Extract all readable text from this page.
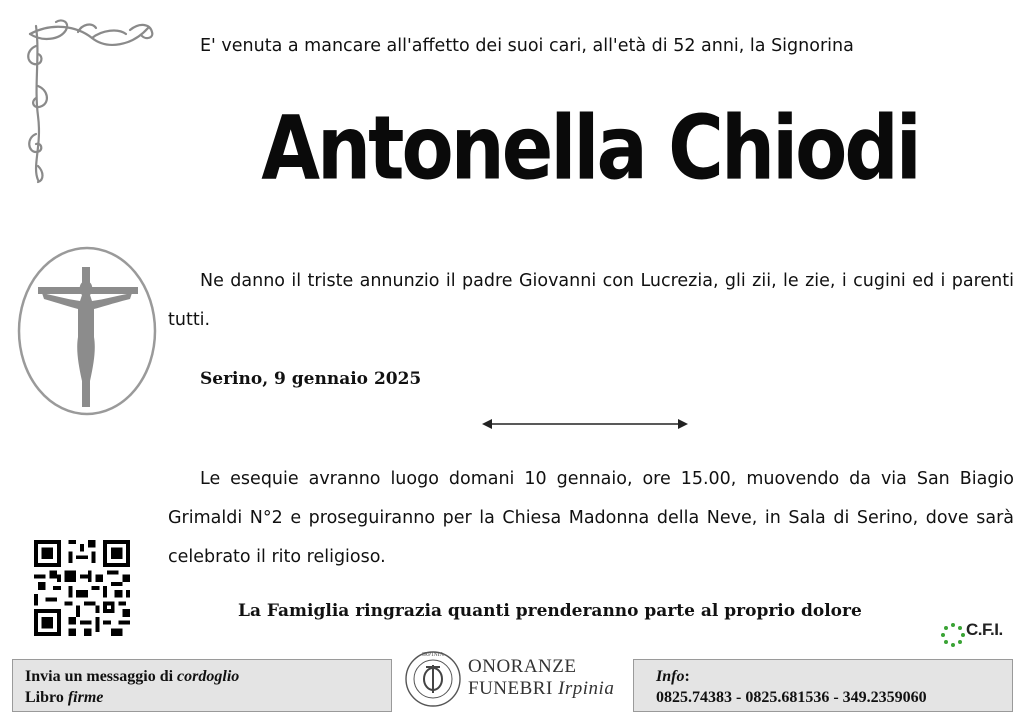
E' venuta a mancare all'affetto dei suoi cari, all'età di 52 anni, la Signorina
Antonella Chiodi
Ne danno il triste annunzio il padre Giovanni con Lucrezia, gli zii, le zie, i cugini ed i parenti tutti.
Serino, 9 gennaio 2025
Le esequie avranno luogo domani 10 gennaio, ore 15.00, muovendo da via San Biagio Grimaldi N°2 e proseguiranno per la Chiesa Madonna della Neve, in Sala di Serino, dove sarà celebrato il rito religioso.
La Famiglia ringrazia quanti prenderanno parte al proprio dolore
C.F.I.
Invia un messaggio di cordoglio
Libro firme
IRPINIA
ONORANZE
FUNEBRI Irpinia
Info:
0825.74383 - 0825.681536 - 349.2359060
